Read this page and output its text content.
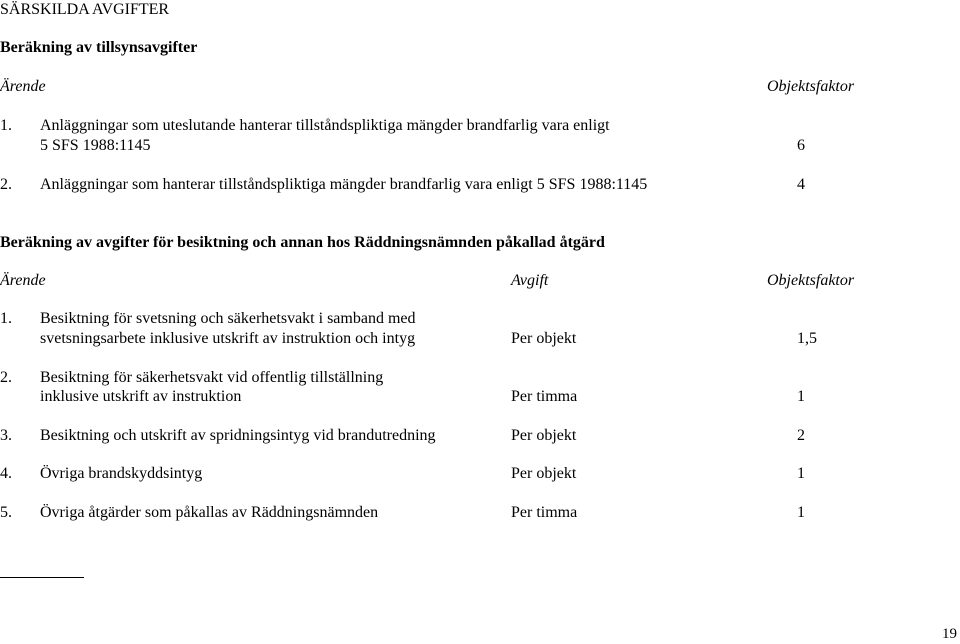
SÄRSKILDA AVGIFTER
Beräkning av tillsynsavgifter
Ärende	Objektsfaktor
1. Anläggningar som uteslutande hanterar tillståndspliktiga mängder brandfarlig vara enligt
5 SFS 1988:1145	6
2. Anläggningar som hanterar tillståndspliktiga mängder brandfarlig vara enligt 5 SFS 1988:1145	4
Beräkning av avgifter för besiktning och annan hos Räddningsnämnden påkallad åtgärd
Ärende	Avgift	Objektsfaktor
1. Besiktning för svetsning och säkerhetsvakt i samband med
svetsningsarbete inklusive utskrift av instruktion och intyg	Per objekt	1,5
2. Besiktning för säkerhetsvakt vid offentlig tillställning
inklusive utskrift av instruktion	Per timma	1
3. Besiktning och utskrift av spridningsintyg vid brandutredning	Per objekt	2
4. Övriga brandskyddsintyg	Per objekt	1
5. Övriga åtgärder som påkallas av Räddningsnämnden	Per timma	1
19
